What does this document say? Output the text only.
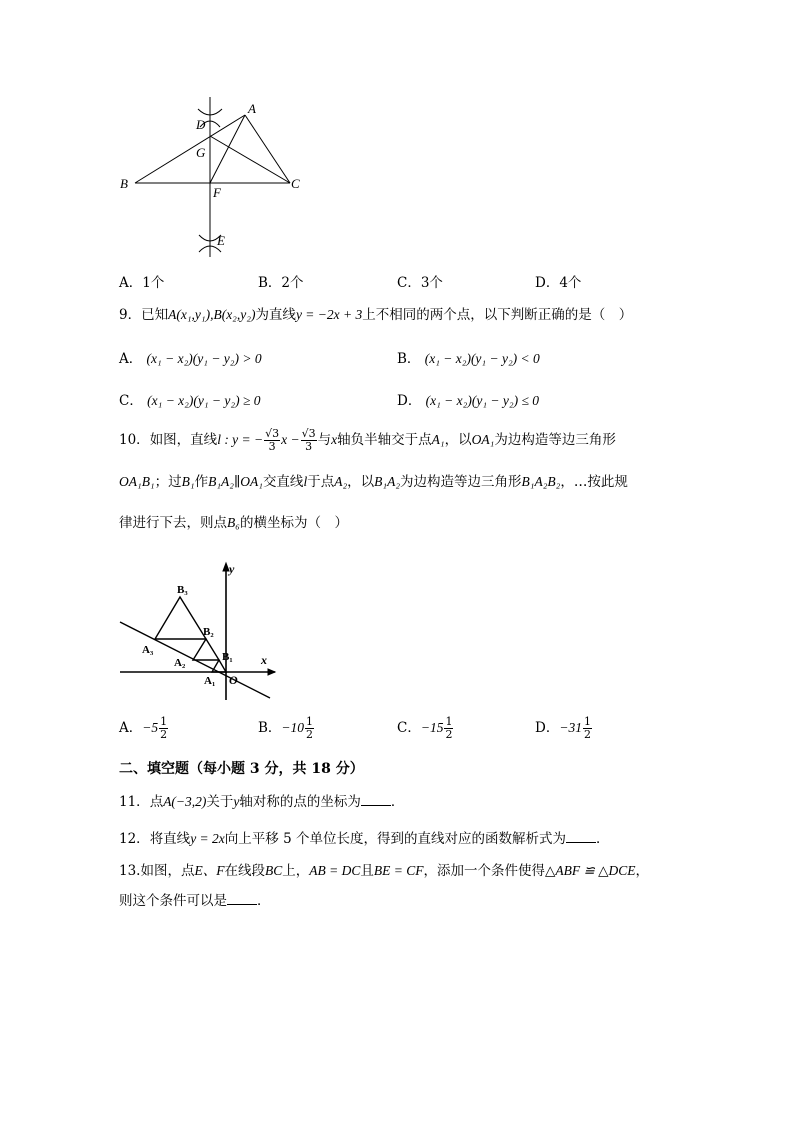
A
B	C
D
E
F
G
A．1个	B．2个	C．3个	D．4个
9．已知A(x₁,y₁),B(x₂,y₂)为直线y = −2x + 3上不相同的两个点，以下判断正确的是（　）
A． (x₁ − x₂)(y₁ − y₂) > 0	B． (x₁ − x₂)(y₁ − y₂) < 0
C． (x₁ − x₂)(y₁ − y₂) ≥ 0	D． (x₁ − x₂)(y₁ − y₂) ≤ 0
10．如图，直线l : y = − $\frac{√3}{3}$ $x - \frac{√3}{3}$ 与x轴负半轴交于点A₁，以OA₁为边构造等边三角形
OA₁B₁；过B₁作B₁A₂∥OA₁交直线l于点A₂，以B₁A₂为边构造等边三角形B₁A₂B₂，…按此规
律进行下去，则点B₆的横坐标为（　）
y
x
O
B₃
B₂
B₁
A₃
A₂
A₁
A．$-5 \frac{1}{2}$	B．$-10 \frac{1}{2}$	C．$-15 \frac{1}{2}$	D．$-31 \frac{1}{2}$
二、填空题（每小题 3 分，共 18 分）
11．点A(−3,2)关于y轴对称的点的坐标为 ．
12．将直线y = 2x向上平移 5 个单位长度，得到的直线对应的函数解析式为 ．
13.如图，点E、F在线段BC上，AB = DC且BE = CF，添加一个条件使得△ABF ≌ △DCE，
则这个条件可以是 ．
